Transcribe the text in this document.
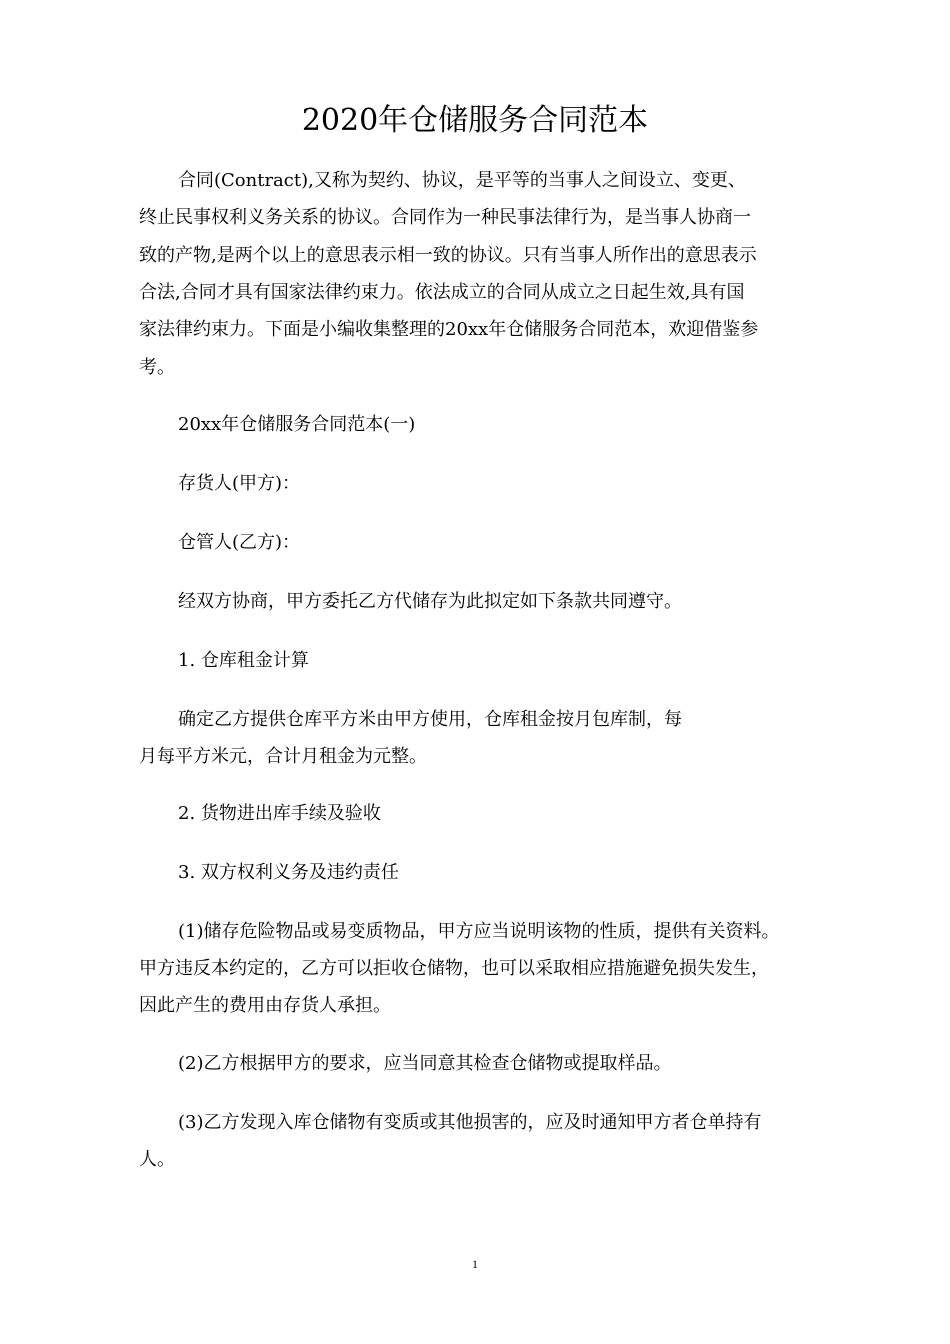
2020年仓储服务合同范本
合同(Contract),又称为契约、协议，是平等的当事人之间设立、变更、
终止民事权利义务关系的协议。合同作为一种民事法律行为，是当事人协商一
致的产物,是两个以上的意思表示相一致的协议。只有当事人所作出的意思表示
合法,合同才具有国家法律约束力。依法成立的合同从成立之日起生效,具有国
家法律约束力。下面是小编收集整理的20xx年仓储服务合同范本，欢迎借鉴参
考。
20xx年仓储服务合同范本(一)
存货人(甲方)：
仓管人(乙方)：
经双方协商，甲方委托乙方代储存为此拟定如下条款共同遵守。
1. 仓库租金计算
确定乙方提供仓库平方米由甲方使用，仓库租金按月包库制，每
月每平方米元，合计月租金为元整。
2. 货物进出库手续及验收
3. 双方权利义务及违约责任
(1)储存危险物品或易变质物品，甲方应当说明该物的性质，提供有关资料。
甲方违反本约定的，乙方可以拒收仓储物，也可以采取相应措施避免损失发生，
因此产生的费用由存货人承担。
(2)乙方根据甲方的要求，应当同意其检查仓储物或提取样品。
(3)乙方发现入库仓储物有变质或其他损害的，应及时通知甲方者仓单持有
人。
1
